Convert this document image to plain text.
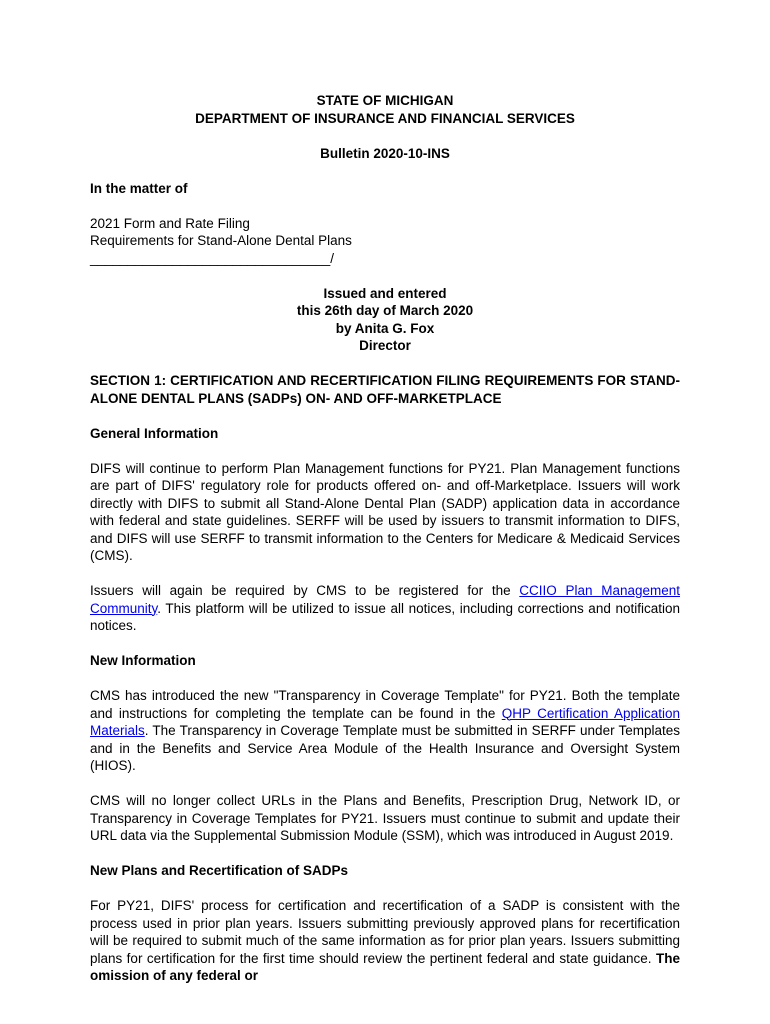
STATE OF MICHIGAN
DEPARTMENT OF INSURANCE AND FINANCIAL SERVICES
Bulletin 2020-10-INS
In the matter of
2021 Form and Rate Filing
Requirements for Stand-Alone Dental Plans
________________________________/
Issued and entered
this 26th day of March 2020
by Anita G. Fox
Director
SECTION 1: CERTIFICATION AND RECERTIFICATION FILING REQUIREMENTS FOR STAND-ALONE DENTAL PLANS (SADPs) ON- AND OFF-MARKETPLACE
General Information
DIFS will continue to perform Plan Management functions for PY21. Plan Management functions are part of DIFS' regulatory role for products offered on- and off-Marketplace. Issuers will work directly with DIFS to submit all Stand-Alone Dental Plan (SADP) application data in accordance with federal and state guidelines. SERFF will be used by issuers to transmit information to DIFS, and DIFS will use SERFF to transmit information to the Centers for Medicare & Medicaid Services (CMS).
Issuers will again be required by CMS to be registered for the CCIIO Plan Management Community. This platform will be utilized to issue all notices, including corrections and notification notices.
New Information
CMS has introduced the new "Transparency in Coverage Template" for PY21. Both the template and instructions for completing the template can be found in the QHP Certification Application Materials. The Transparency in Coverage Template must be submitted in SERFF under Templates and in the Benefits and Service Area Module of the Health Insurance and Oversight System (HIOS).
CMS will no longer collect URLs in the Plans and Benefits, Prescription Drug, Network ID, or Transparency in Coverage Templates for PY21. Issuers must continue to submit and update their URL data via the Supplemental Submission Module (SSM), which was introduced in August 2019.
New Plans and Recertification of SADPs
For PY21, DIFS' process for certification and recertification of a SADP is consistent with the process used in prior plan years. Issuers submitting previously approved plans for recertification will be required to submit much of the same information as for prior plan years. Issuers submitting plans for certification for the first time should review the pertinent federal and state guidance. The omission of any federal or
